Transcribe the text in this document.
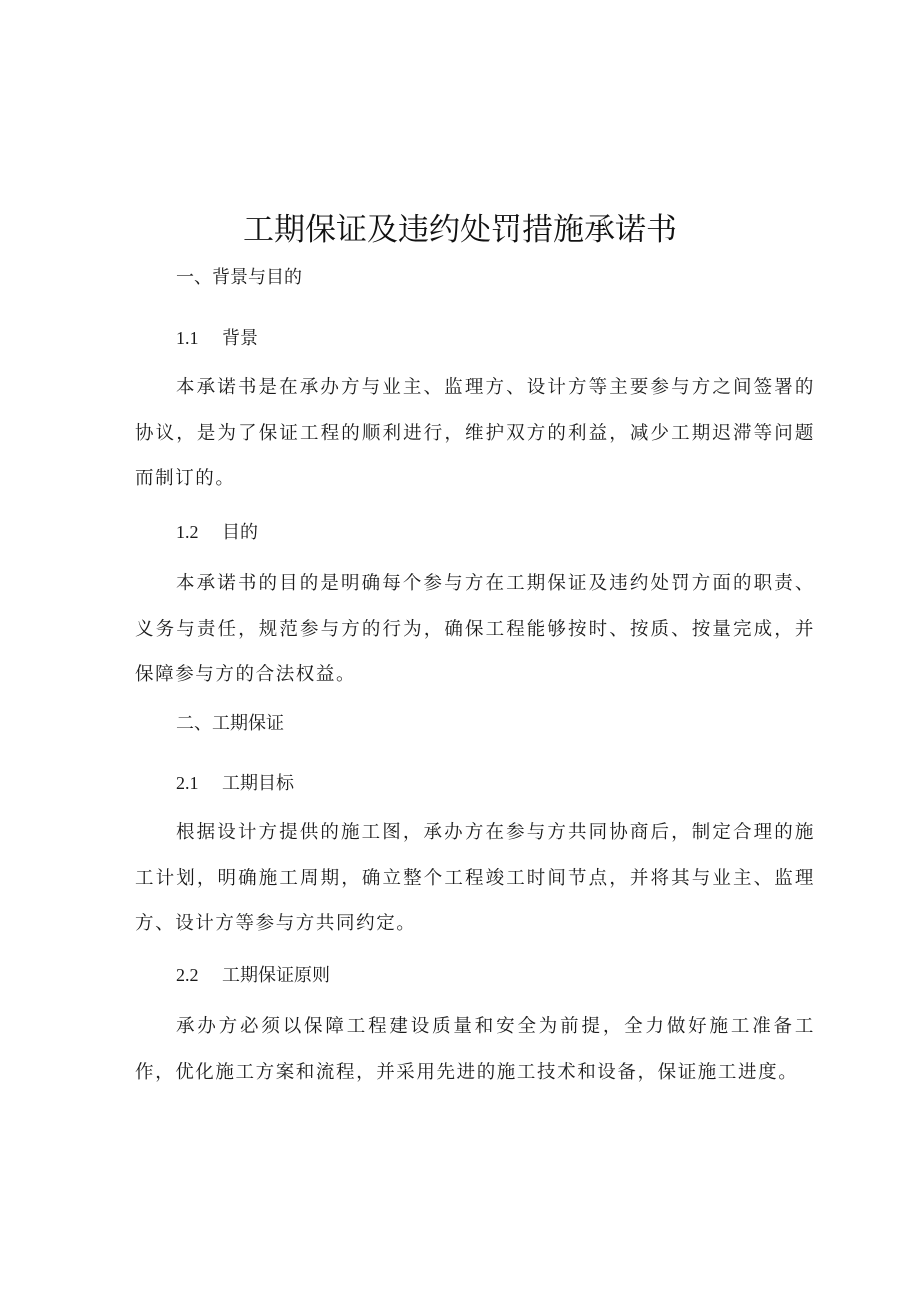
工期保证及违约处罚措施承诺书
一、背景与目的
1.1 背景
本承诺书是在承办方与业主、监理方、设计方等主要参与方之间签署的协议，是为了保证工程的顺利进行，维护双方的利益，减少工期迟滞等问题而制订的。
1.2 目的
本承诺书的目的是明确每个参与方在工期保证及违约处罚方面的职责、义务与责任，规范参与方的行为，确保工程能够按时、按质、按量完成，并保障参与方的合法权益。
二、工期保证
2.1 工期目标
根据设计方提供的施工图，承办方在参与方共同协商后，制定合理的施工计划，明确施工周期，确立整个工程竣工时间节点，并将其与业主、监理方、设计方等参与方共同约定。
2.2 工期保证原则
承办方必须以保障工程建设质量和安全为前提，全力做好施工准备工作，优化施工方案和流程，并采用先进的施工技术和设备，保证施工进度。
